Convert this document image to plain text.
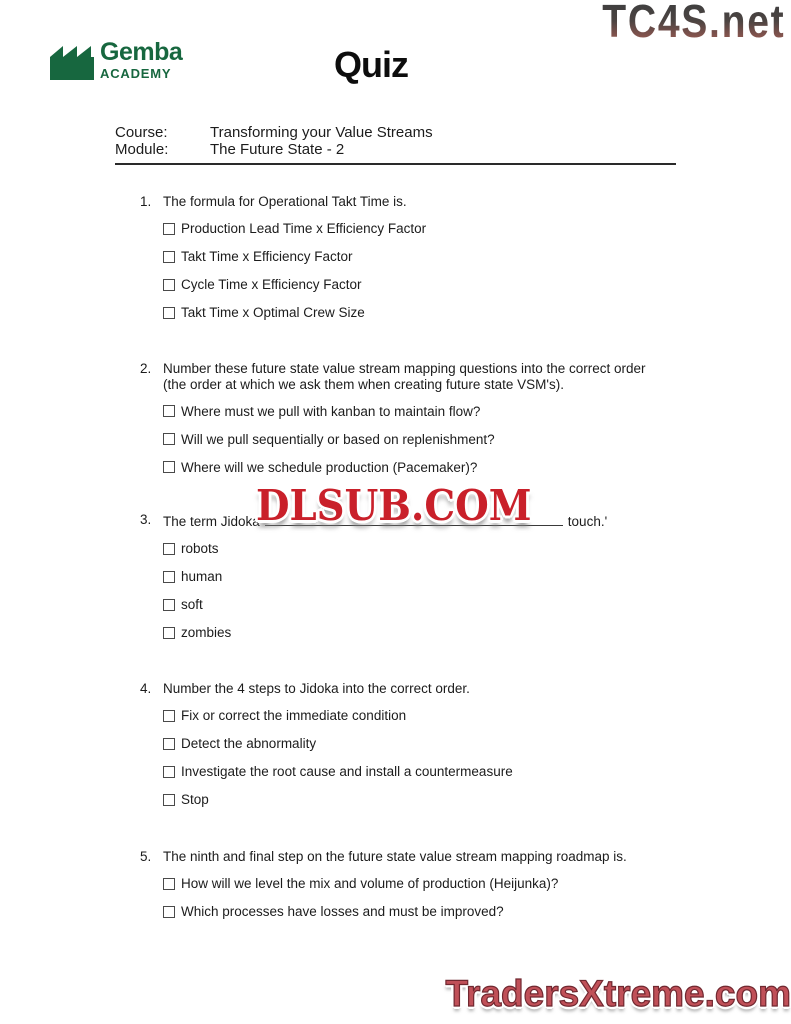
Gemba
ACADEMY	Quiz
TC4S.net
Course:	Transforming your Value Streams
Module:	The Future State - 2
1. The formula for Operational Takt Time is.
Production Lead Time x Efficiency Factor
Takt Time x Efficiency Factor
Cycle Time x Efficiency Factor
Takt Time x Optimal Crew Size
2. Number these future state value stream mapping questions into the correct order (the order at which we ask them when creating future state VSM's).
Where must we pull with kanban to maintain flow?
Will we pull sequentially or based on replenishment?
Where will we schedule production (Pacemaker)?
3. The term Jidoka	touch.'
robots
human
soft
zombies
4. Number the 4 steps to Jidoka into the correct order.
Fix or correct the immediate condition
Detect the abnormality
Investigate the root cause and install a countermeasure
Stop
5. The ninth and final step on the future state value stream mapping roadmap is.
How will we level the mix and volume of production (Heijunka)?
Which processes have losses and must be improved?
DLSUB.COM
TradersXtreme.com
